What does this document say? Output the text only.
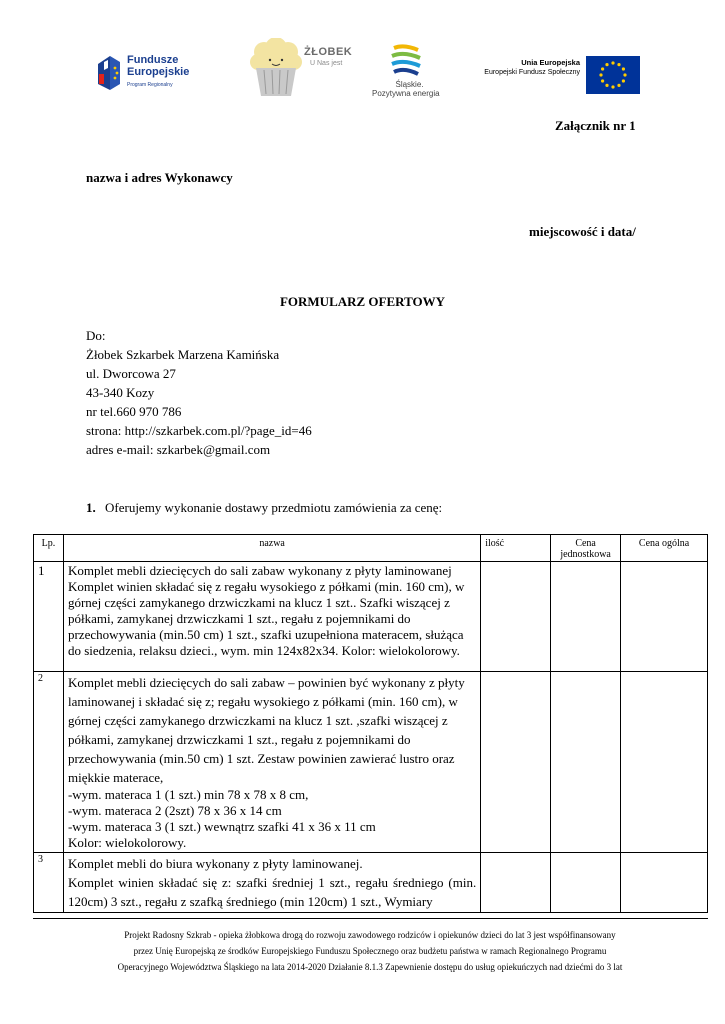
Fundusze
Europejskie
Program Regionalny
ŻŁOBEK
U Nas jest
Śląskie.
Pozytywna energia
Unia Europejska
Europejski Fundusz Społeczny
Załącznik nr 1
nazwa i adres Wykonawcy
miejscowość i data/
FORMULARZ OFERTOWY
Do:
Żłobek Szkarbek Marzena Kamińska
ul. Dworcowa 27
43-340 Kozy
nr tel.660 970 786
strona: http://szkarbek.com.pl/?page_id=46
adres e-mail: szkarbek@gmail.com
1. Oferujemy wykonanie dostawy przedmiotu zamówienia za cenę:
Lp.	nazwa	ilość	Cena jednostkowa	Cena ogólna
1	Komplet mebli dziecięcych do sali zabaw wykonany z płyty laminowanej
Komplet winien składać się z regału wysokiego z półkami (min. 160 cm), w górnej części zamykanego drzwiczkami na klucz 1 szt.. Szafki wiszącej z półkami, zamykanej drzwiczkami 1 szt., regału z pojemnikami do przechowywania (min.50 cm) 1 szt., szafki uzupełniona materacem, służąca do siedzenia, relaksu dzieci., wym. min 124x82x34. Kolor: wielokolorowy.			

2	Komplet mebli dziecięcych do sali zabaw – powinien być wykonany z płyty laminowanej i składać się z; regału wysokiego z półkami (min. 160 cm), w górnej części zamykanego drzwiczkami na klucz 1 szt. ,szafki wiszącej z półkami, zamykanej drzwiczkami 1 szt., regału z pojemnikami do przechowywania (min.50 cm) 1 szt. Zestaw powinien zawierać lustro oraz miękkie materace,
-wym. materaca 1 (1 szt.) min 78 x 78 x 8 cm,
-wym. materaca 2 (2szt) 78 x 36 x 14 cm
-wym. materaca 3 (1 szt.) wewnątrz szafki 41 x 36 x 11 cm
Kolor: wielokolorowy.			

3	Komplet mebli do biura wykonany z płyty laminowanej.
Komplet winien składać się z: szafki średniej 1 szt., regału średniego (min. 120cm) 3 szt., regału z szafką średniego (min 120cm) 1 szt., Wymiary			

Projekt Radosny Szkrab - opieka żłobkowa drogą do rozwoju zawodowego rodziców i opiekunów dzieci do lat 3 jest współfinansowany
przez Unię Europejską ze środków Europejskiego Funduszu Społecznego oraz budżetu państwa w ramach Regionalnego Programu
Operacyjnego Województwa Śląskiego na lata 2014-2020 Działanie 8.1.3 Zapewnienie dostępu do usług opiekuńczych nad dziećmi do 3 lat
